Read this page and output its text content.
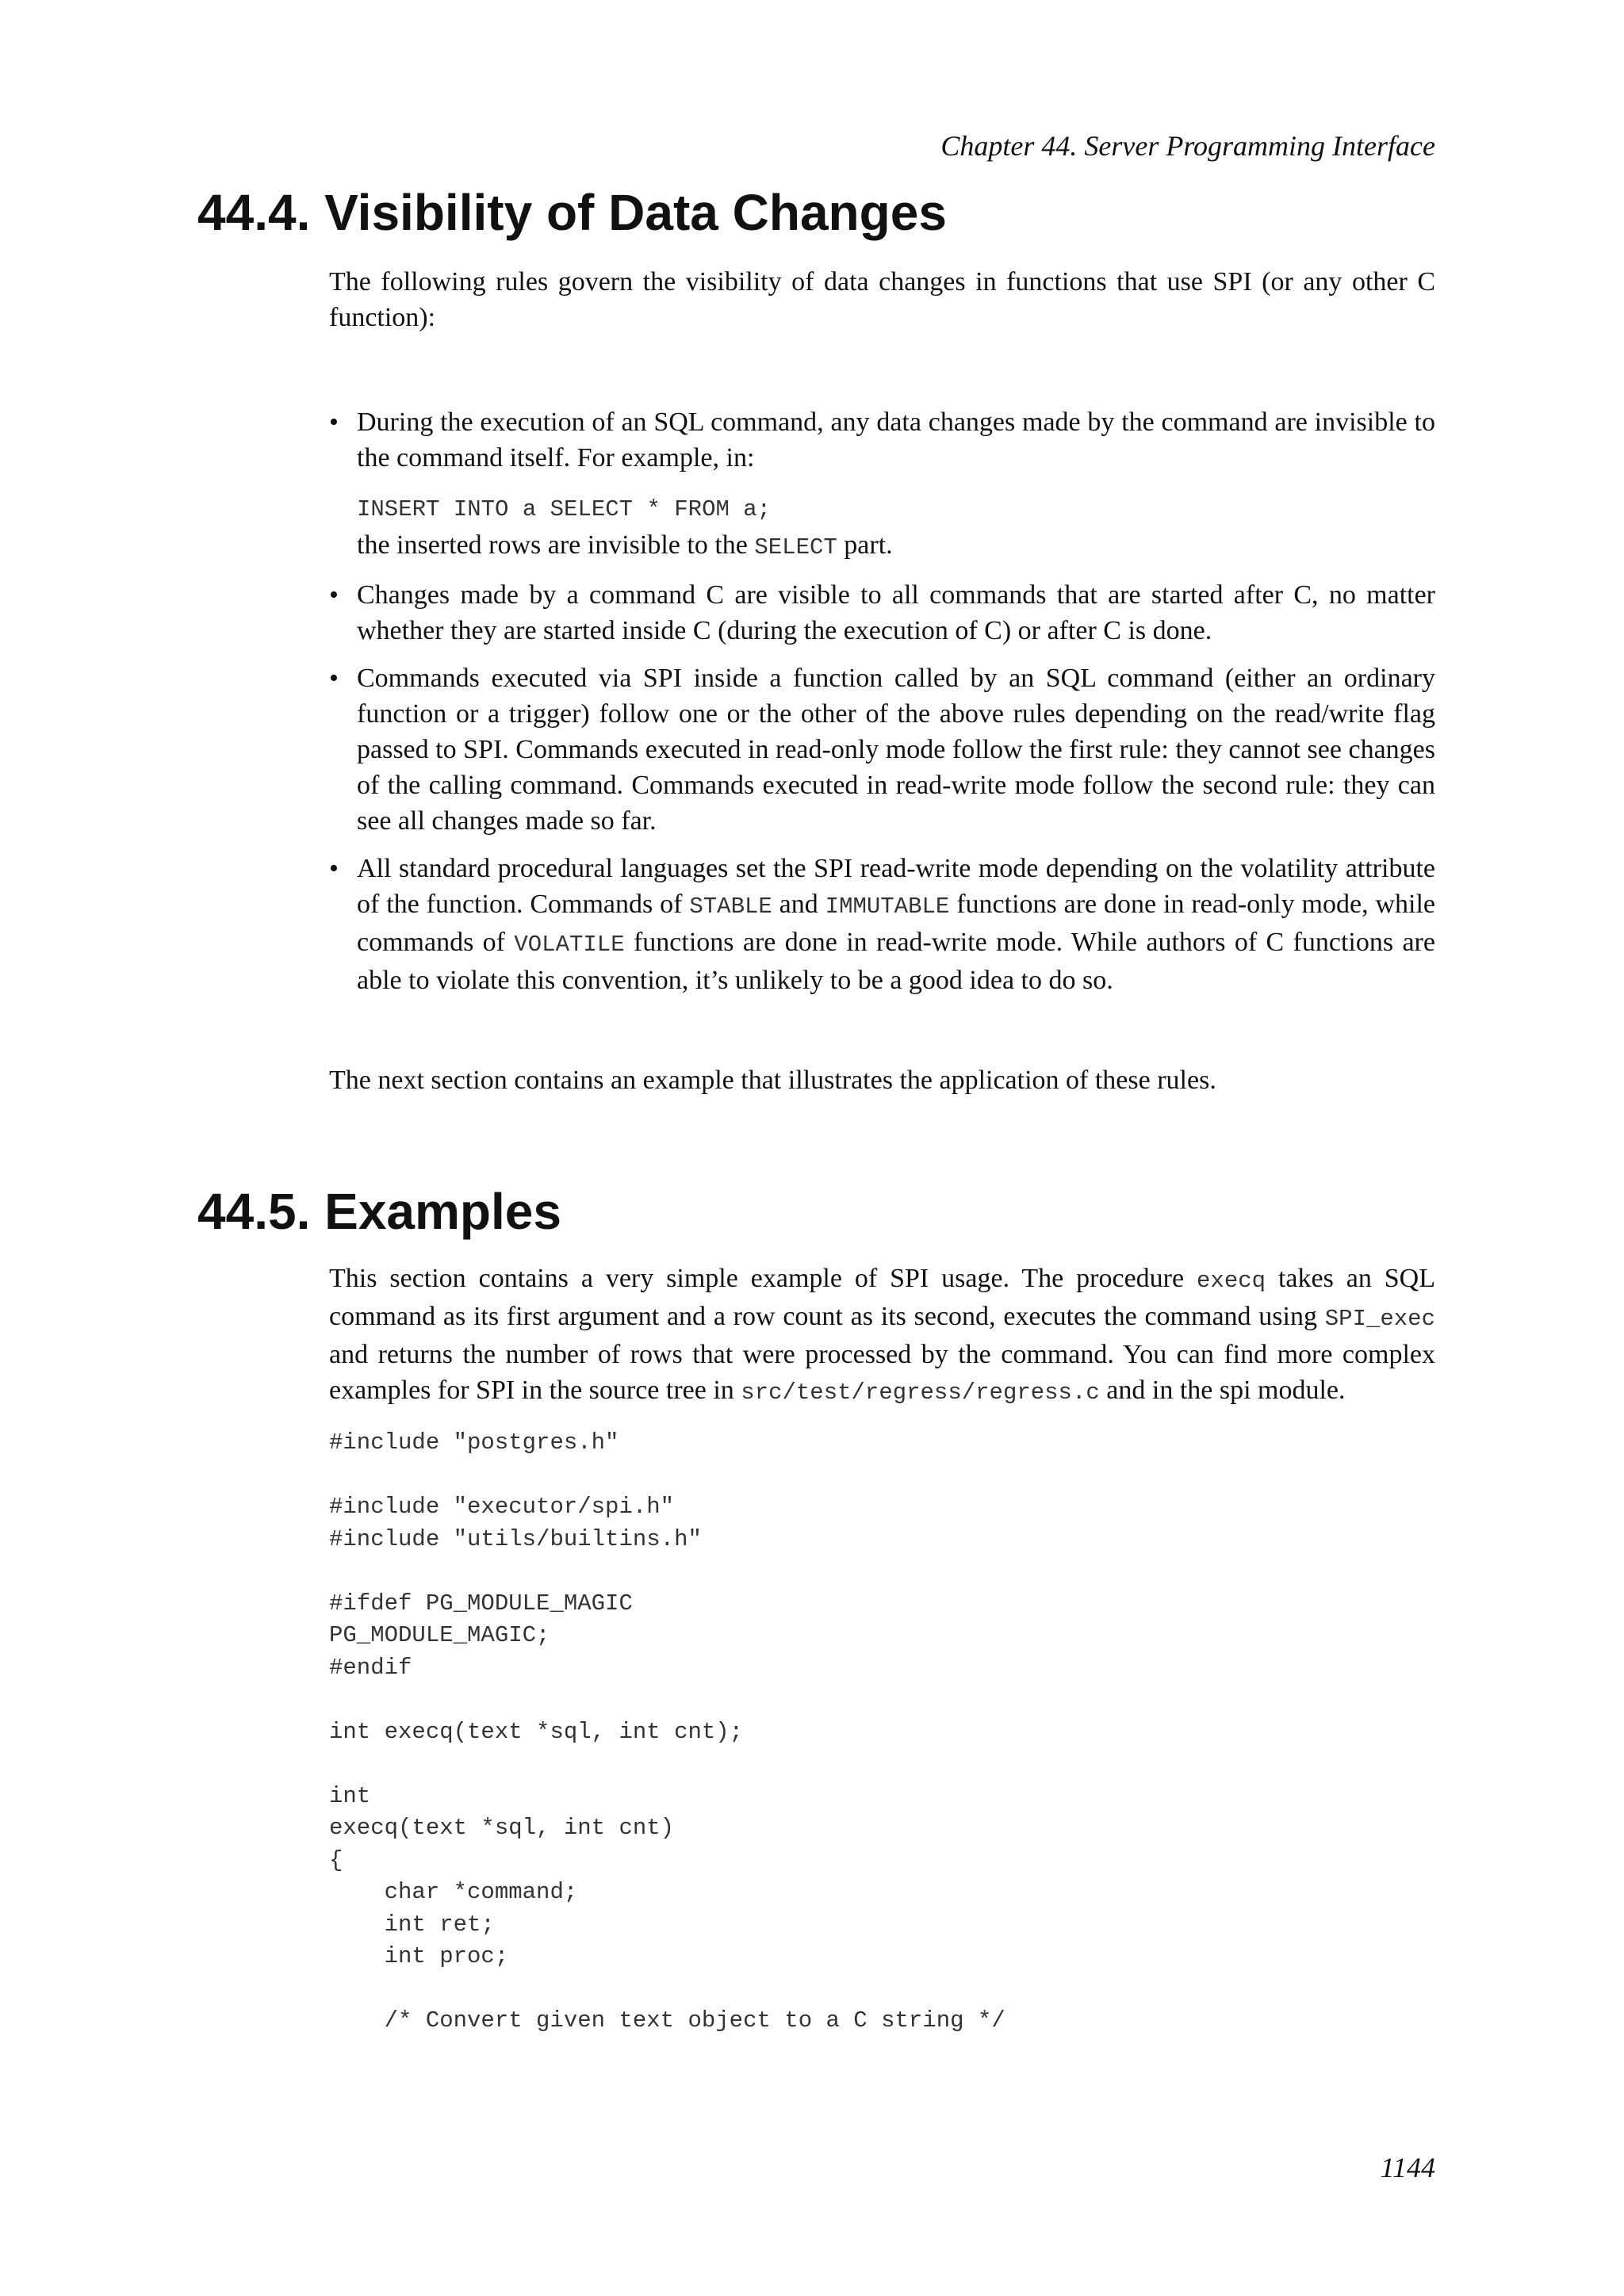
Chapter 44. Server Programming Interface
44.4. Visibility of Data Changes

The following rules govern the visibility of data changes in functions that use SPI (or any other C function):

• During the execution of an SQL command, any data changes made by the command are invisible to the command itself. For example, in:

INSERT INTO a SELECT * FROM a;

the inserted rows are invisible to the SELECT part.

• Changes made by a command C are visible to all commands that are started after C, no matter whether they are started inside C (during the execution of C) or after C is done.

• Commands executed via SPI inside a function called by an SQL command (either an ordinary function or a trigger) follow one or the other of the above rules depending on the read/write flag passed to SPI. Commands executed in read-only mode follow the first rule: they cannot see changes of the calling command. Commands executed in read-write mode follow the second rule: they can see all changes made so far.

• All standard procedural languages set the SPI read-write mode depending on the volatility attribute of the function. Commands of STABLE and IMMUTABLE functions are done in read-only mode, while commands of VOLATILE functions are done in read-write mode. While authors of C functions are able to violate this convention, it’s unlikely to be a good idea to do so.

The next section contains an example that illustrates the application of these rules.

44.5. Examples

This section contains a very simple example of SPI usage. The procedure execq takes an SQL command as its first argument and a row count as its second, executes the command using SPI_exec and returns the number of rows that were processed by the command. You can find more complex examples for SPI in the source tree in src/test/regress/regress.c and in the spi module.

#include "postgres.h"

#include "executor/spi.h"
#include "utils/builtins.h"

#ifdef PG_MODULE_MAGIC
PG_MODULE_MAGIC;
#endif

int execq(text *sql, int cnt);

int
execq(text *sql, int cnt)
{
char *command;
int ret;
int proc;

/* Convert given text object to a C string */
1144
